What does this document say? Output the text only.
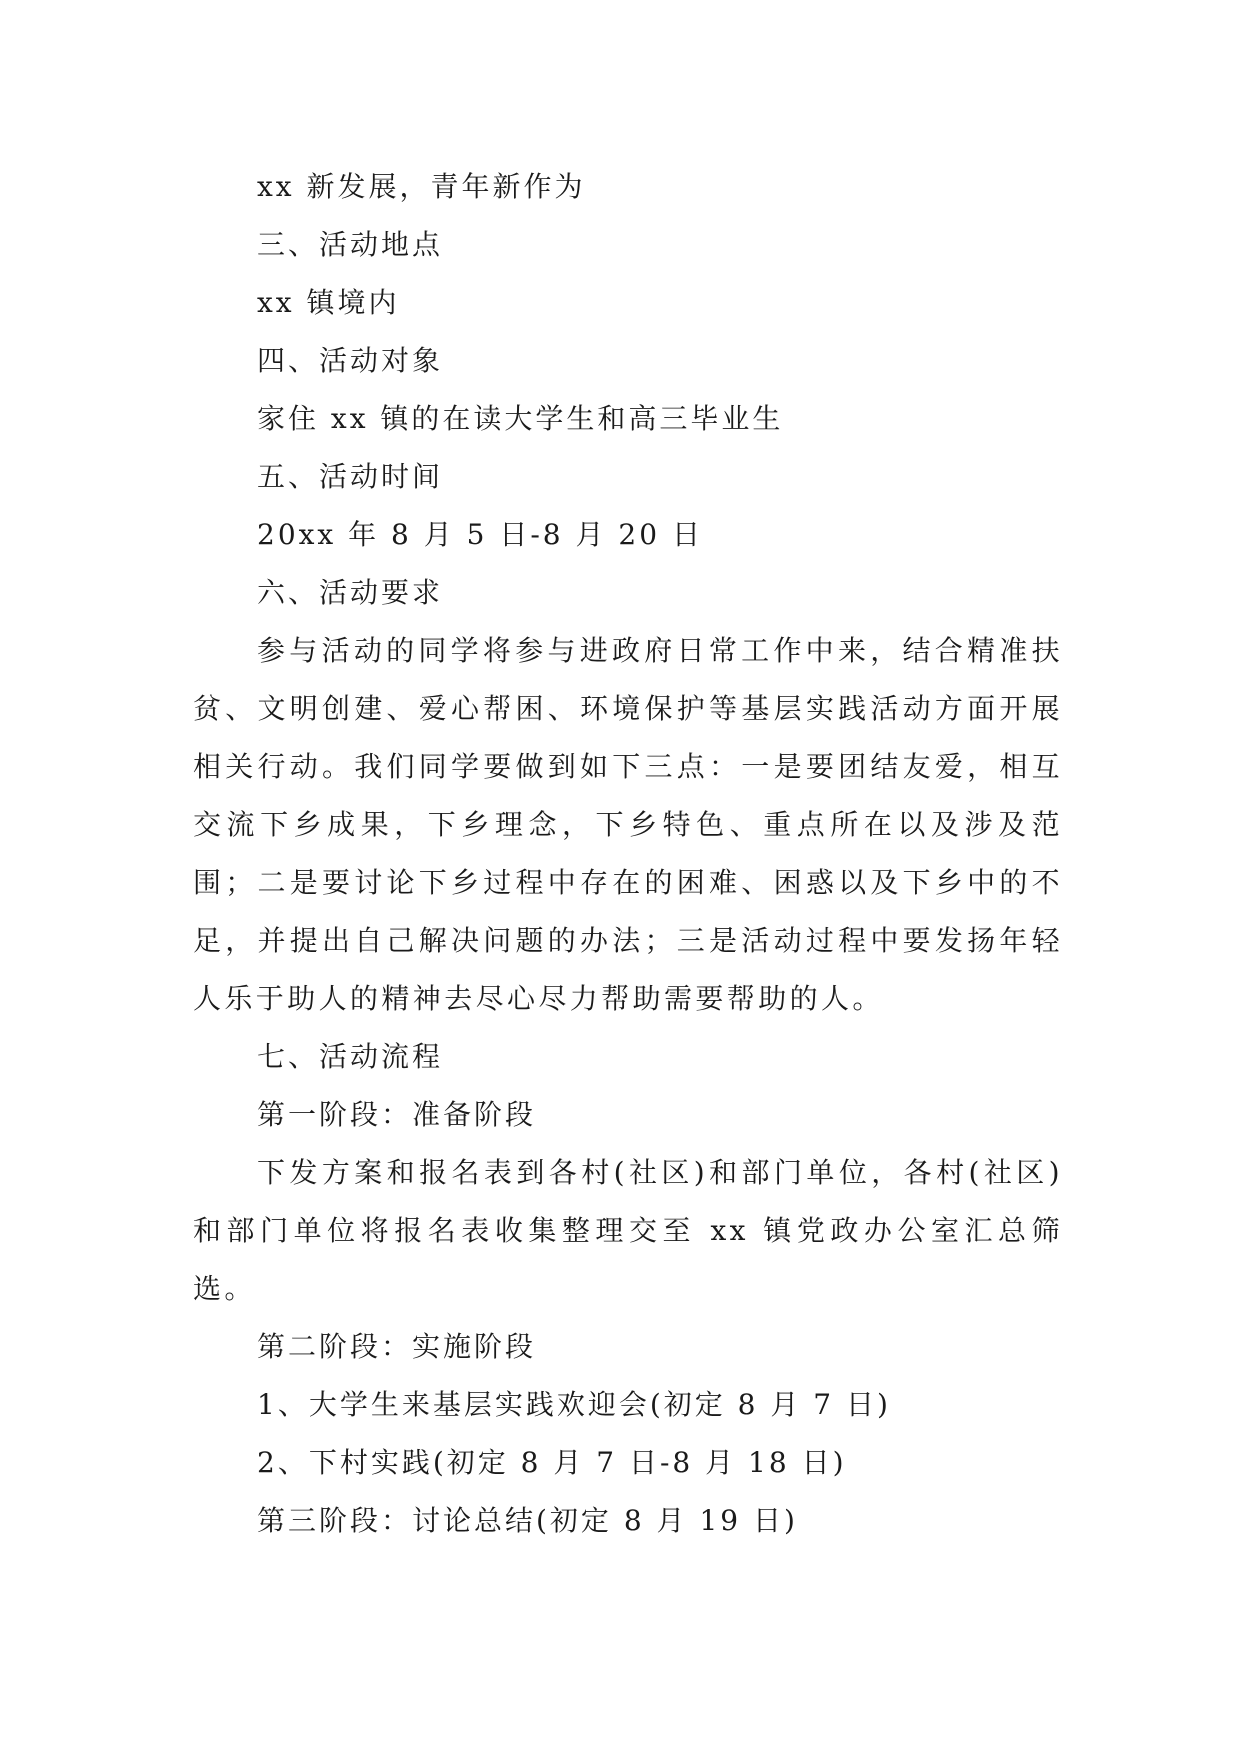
xx 新发展，青年新作为

三、活动地点

xx 镇境内

四、活动对象

家住 xx 镇的在读大学生和高三毕业生

五、活动时间

20xx 年 8 月 5 日-8 月 20 日

六、活动要求

参与活动的同学将参与进政府日常工作中来，结合精准扶贫、文明创建、爱心帮困、环境保护等基层实践活动方面开展相关行动。我们同学要做到如下三点：一是要团结友爱，相互交流下乡成果，下乡理念，下乡特色、重点所在以及涉及范围；二是要讨论下乡过程中存在的困难、困惑以及下乡中的不足，并提出自己解决问题的办法；三是活动过程中要发扬年轻人乐于助人的精神去尽心尽力帮助需要帮助的人。

七、活动流程

第一阶段：准备阶段

下发方案和报名表到各村(社区)和部门单位，各村(社区)和部门单位将报名表收集整理交至 xx 镇党政办公室汇总筛选。

第二阶段：实施阶段

1、大学生来基层实践欢迎会(初定 8 月 7 日)

2、下村实践(初定 8 月 7 日-8 月 18 日)

第三阶段：讨论总结(初定 8 月 19 日)
